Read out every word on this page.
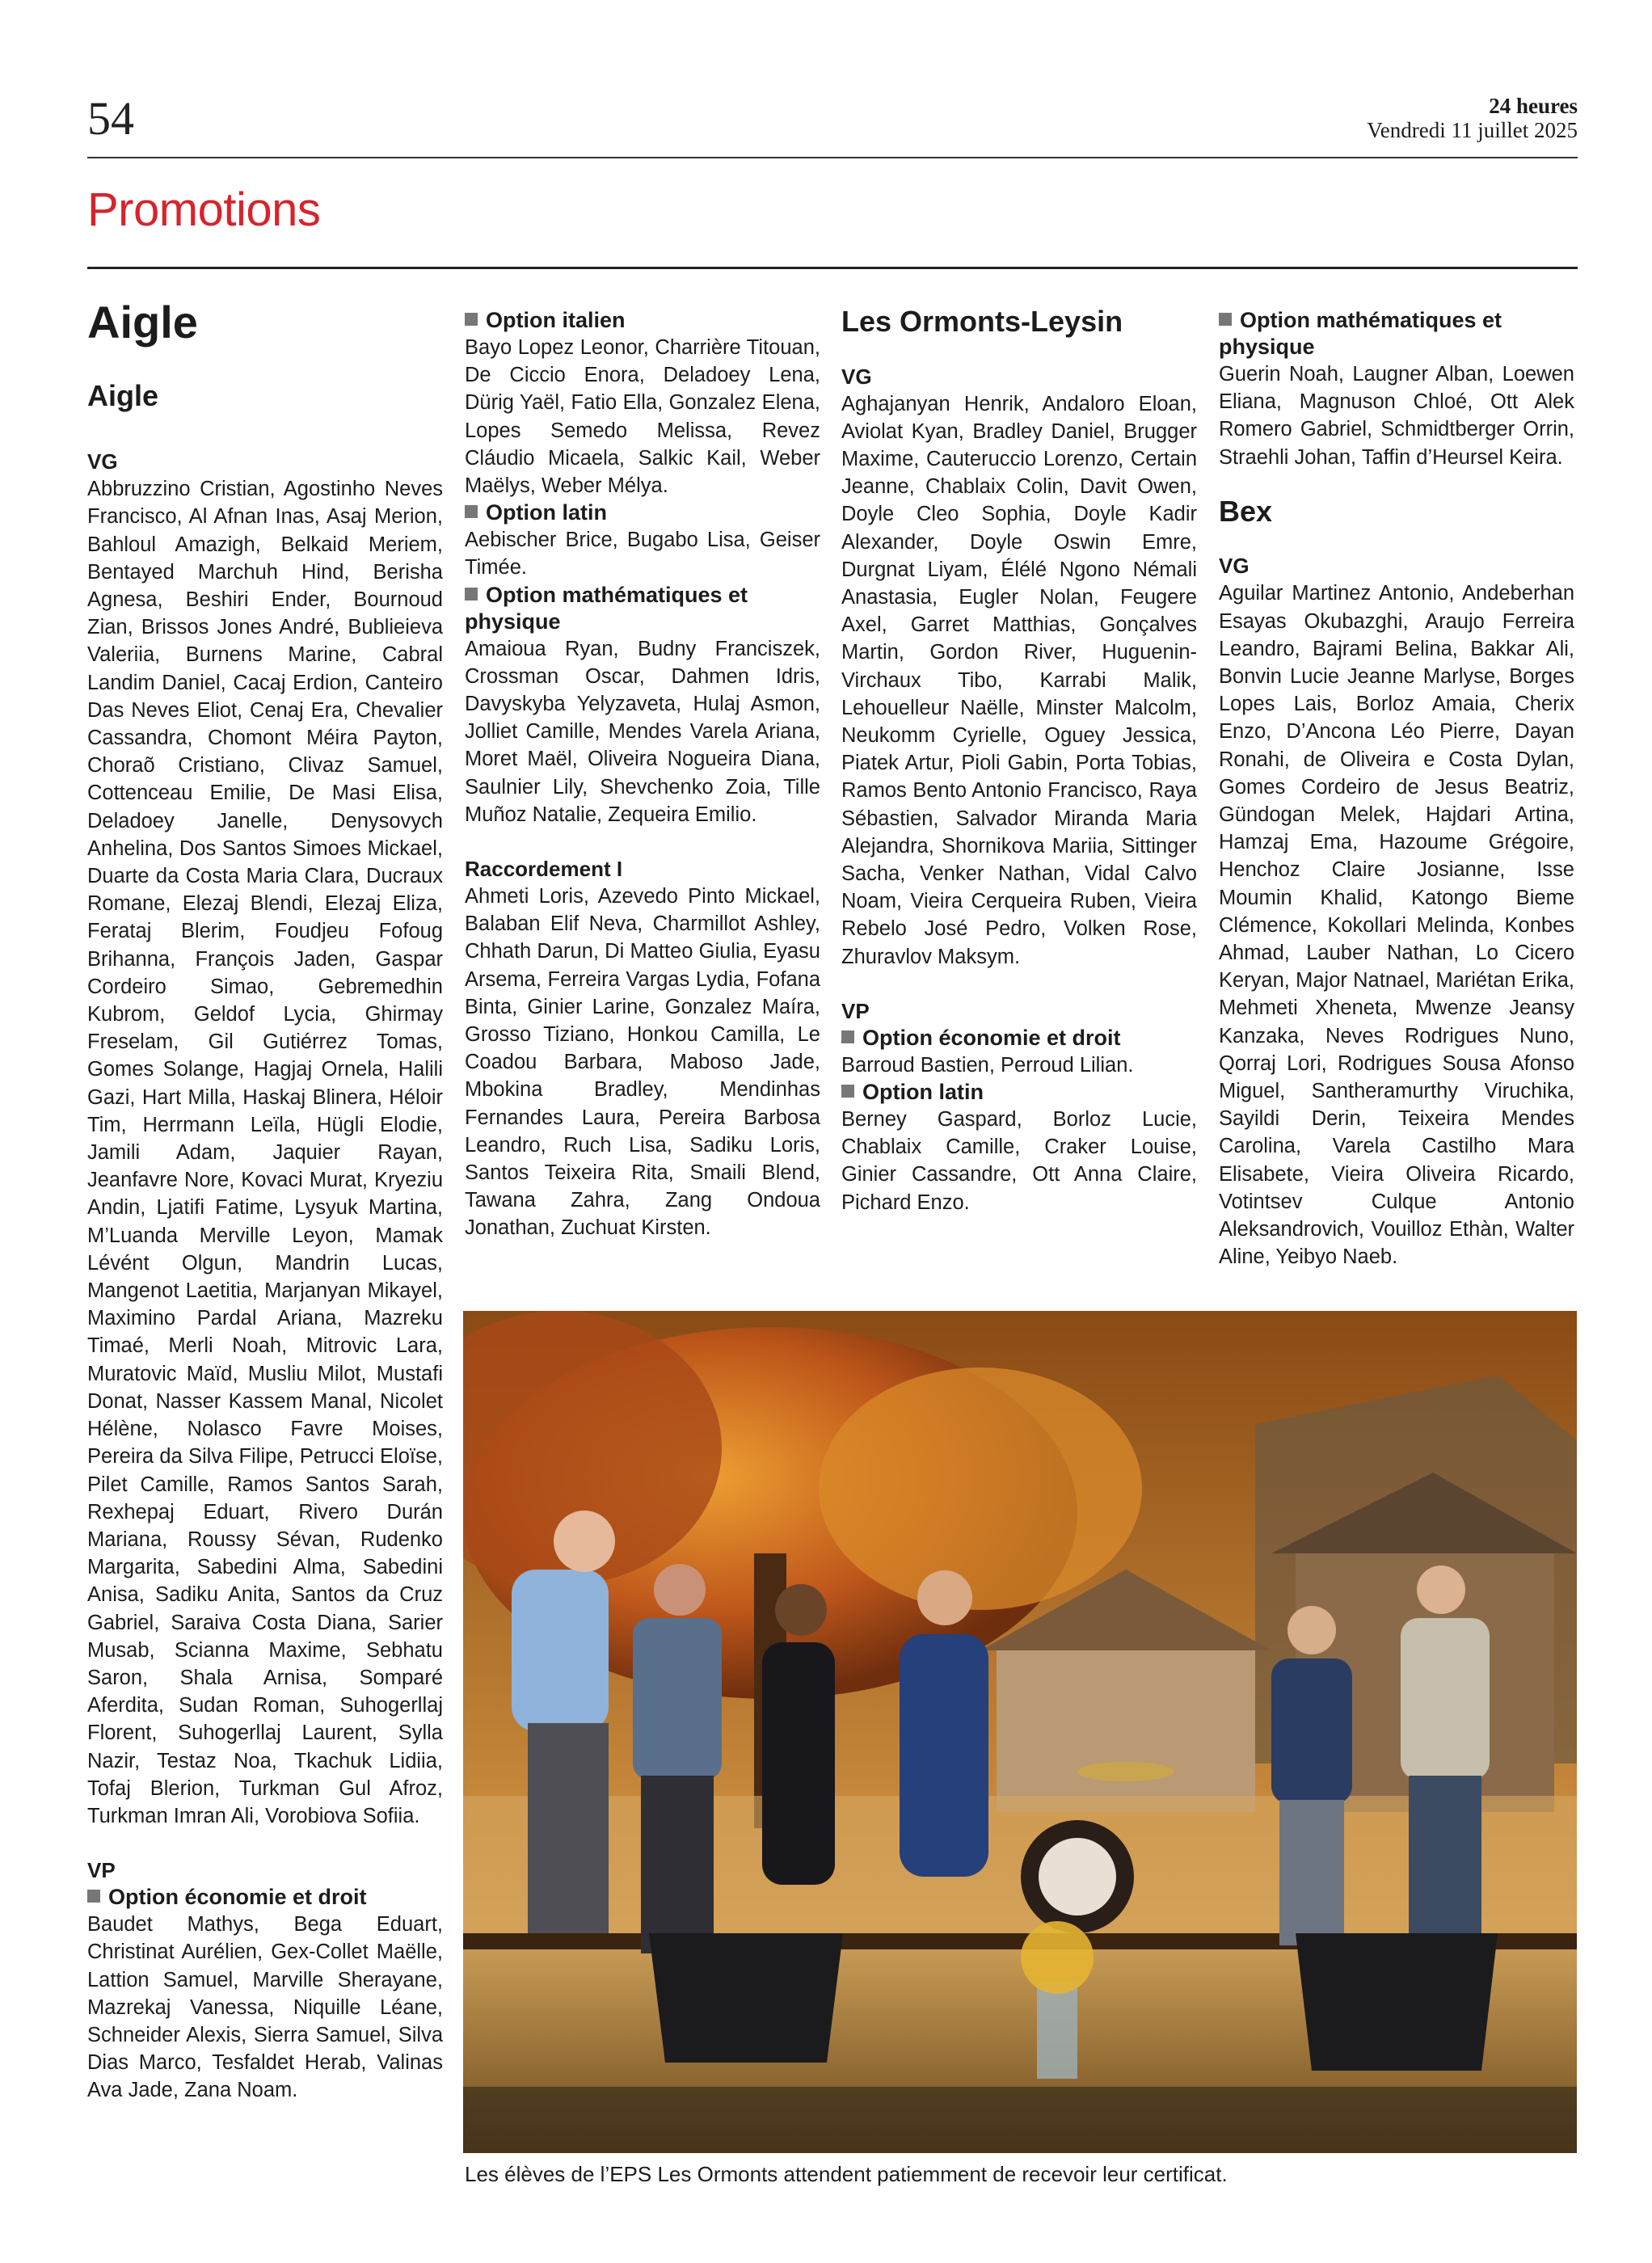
54	24 heures
Vendredi 11 juillet 2025
Promotions
Aigle
Aigle

VG

Abbruzzino Cristian, Agostinho Neves Francisco, Al Afnan Inas, Asaj Merion, Bahloul Amazigh, Belkaid Meriem, Bentayed Marchuh Hind, Berisha Agnesa, Beshiri Ender, Bournoud Zian, Brissos Jones André, Bublieieva Valeriia, Burnens Marine, Cabral Landim Daniel, Cacaj Erdion, Canteiro Das Neves Eliot, Cenaj Era, Chevalier Cassandra, Chomont Méira Payton, Choraõ Cristiano, Clivaz Samuel, Cottenceau Emilie, De Masi Elisa, Deladoey Janelle, Denysovych Anhelina, Dos Santos Simoes Mickael, Duarte da Costa Maria Clara, Ducraux Romane, Elezaj Blendi, Elezaj Eliza, Ferataj Blerim, Foudjeu Fofoug Brihanna, François Jaden, Gaspar Cordeiro Simao, Gebremedhin Kubrom, Geldof Lycia, Ghirmay Freselam, Gil Gutiérrez Tomas, Gomes Solange, Hagjaj Ornela, Halili Gazi, Hart Milla, Haskaj Blinera, Héloir Tim, Herrmann Leïla, Hügli Elodie, Jamili Adam, Jaquier Rayan, Jeanfavre Nore, Kovaci Murat, Kryeziu Andin, Ljatifi Fatime, Lysyuk Martina, M’Luanda Merville Leyon, Mamak Lévént Olgun, Mandrin Lucas, Mangenot Laetitia, Marjanyan Mikayel, Maximino Pardal Ariana, Mazreku Timaé, Merli Noah, Mitrovic Lara, Muratovic Maïd, Musliu Milot, Mustafi Donat, Nasser Kassem Manal, Nicolet Hélène, Nolasco Favre Moises, Pereira da Silva Filipe, Petrucci Eloïse, Pilet Camille, Ramos Santos Sarah, Rexhepaj Eduart, Rivero Durán Mariana, Roussy Sévan, Rudenko Margarita, Sabedini Alma, Sabedini Anisa, Sadiku Anita, Santos da Cruz Gabriel, Saraiva Costa Diana, Sarier Musab, Scianna Maxime, Sebhatu Saron, Shala Arnisa, Somparé Aferdita, Sudan Roman, Suhogerllaj Florent, Suhogerllaj Laurent, Sylla Nazir, Testaz Noa, Tkachuk Lidiia, Tofaj Blerion, Turkman Gul Afroz, Turkman Imran Ali, Vorobiova Sofiia.

VP

Option économie et droit

Baudet Mathys, Bega Eduart, Christinat Aurélien, Gex-Collet Maëlle, Lattion Samuel, Marville Sherayane, Mazrekaj Vanessa, Niquille Léane, Schneider Alexis, Sierra Samuel, Silva Dias Marco, Tesfaldet Herab, Valinas Ava Jade, Zana Noam.

Option italien

Bayo Lopez Leonor, Charrière Titouan, De Ciccio Enora, Deladoey Lena, Dürig Yaël, Fatio Ella, Gonzalez Elena, Lopes Semedo Melissa, Revez Cláudio Micaela, Salkic Kail, Weber Maëlys, Weber Mélya.

Option latin

Aebischer Brice, Bugabo Lisa, Geiser Timée.

Option mathématiques et physique

Amaioua Ryan, Budny Franciszek, Crossman Oscar, Dahmen Idris, Davyskyba Yelyzaveta, Hulaj Asmon, Jolliet Camille, Mendes Varela Ariana, Moret Maël, Oliveira Nogueira Diana, Saulnier Lily, Shevchenko Zoia, Tille Muñoz Natalie, Zequeira Emilio.

Raccordement I

Ahmeti Loris, Azevedo Pinto Mickael, Balaban Elif Neva, Charmillot Ashley, Chhath Darun, Di Matteo Giulia, Eyasu Arsema, Ferreira Vargas Lydia, Fofana Binta, Ginier Larine, Gonzalez Maíra, Grosso Tiziano, Honkou Camilla, Le Coadou Barbara, Maboso Jade, Mbokina Bradley, Mendinhas Fernandes Laura, Pereira Barbosa Leandro, Ruch Lisa, Sadiku Loris, Santos Teixeira Rita, Smaili Blend, Tawana Zahra, Zang Ondoua Jonathan, Zuchuat Kirsten.

Les Ormonts-Leysin

VG

Aghajanyan Henrik, Andaloro Eloan, Aviolat Kyan, Bradley Daniel, Brugger Maxime, Cauteruccio Lorenzo, Certain Jeanne, Chablaix Colin, Davit Owen, Doyle Cleo Sophia, Doyle Kadir Alexander, Doyle Oswin Emre, Durgnat Liyam, Élélé Ngono Némali Anastasia, Eugler Nolan, Feugere Axel, Garret Matthias, Gonçalves Martin, Gordon River, Huguenin-Virchaux Tibo, Karrabi Malik, Lehouelleur Naëlle, Minster Malcolm, Neukomm Cyrielle, Oguey Jessica, Piatek Artur, Pioli Gabin, Porta Tobias, Ramos Bento Antonio Francisco, Raya Sébastien, Salvador Miranda Maria Alejandra, Shornikova Mariia, Sittinger Sacha, Venker Nathan, Vidal Calvo Noam, Vieira Cerqueira Ruben, Vieira Rebelo José Pedro, Volken Rose, Zhuravlov Maksym.

VP

Option économie et droit

Barroud Bastien, Perroud Lilian.

Option latin

Berney Gaspard, Borloz Lucie, Chablaix Camille, Craker Louise, Ginier Cassandre, Ott Anna Claire, Pichard Enzo.

Option mathématiques et physique

Guerin Noah, Laugner Alban, Loewen Eliana, Magnuson Chloé, Ott Alek Romero Gabriel, Schmidtberger Orrin, Straehli Johan, Taffin d’Heursel Keira.

Bex

VG

Aguilar Martinez Antonio, Andeberhan Esayas Okubazghi, Araujo Ferreira Leandro, Bajrami Belina, Bakkar Ali, Bonvin Lucie Jeanne Marlyse, Borges Lopes Lais, Borloz Amaia, Cherix Enzo, D’Ancona Léo Pierre, Dayan Ronahi, de Oliveira e Costa Dylan, Gomes Cordeiro de Jesus Beatriz, Gündogan Melek, Hajdari Artina, Hamzaj Ema, Hazoume Grégoire, Henchoz Claire Josianne, Isse Moumin Khalid, Katongo Bieme Clémence, Kokollari Melinda, Konbes Ahmad, Lauber Nathan, Lo Cicero Keryan, Major Natnael, Mariétan Erika, Mehmeti Xheneta, Mwenze Jeansy Kanzaka, Neves Rodrigues Nuno, Qorraj Lori, Rodrigues Sousa Afonso Miguel, Santheramurthy Viruchika, Sayildi Derin, Teixeira Mendes Carolina, Varela Castilho Mara Elisabete, Vieira Oliveira Ricardo, Votintsev Culque Antonio Aleksandrovich, Vouilloz Ethàn, Walter Aline, Yeibyo Naeb.

Les élèves de l’EPS Les Ormonts attendent patiemment de recevoir leur certificat.
